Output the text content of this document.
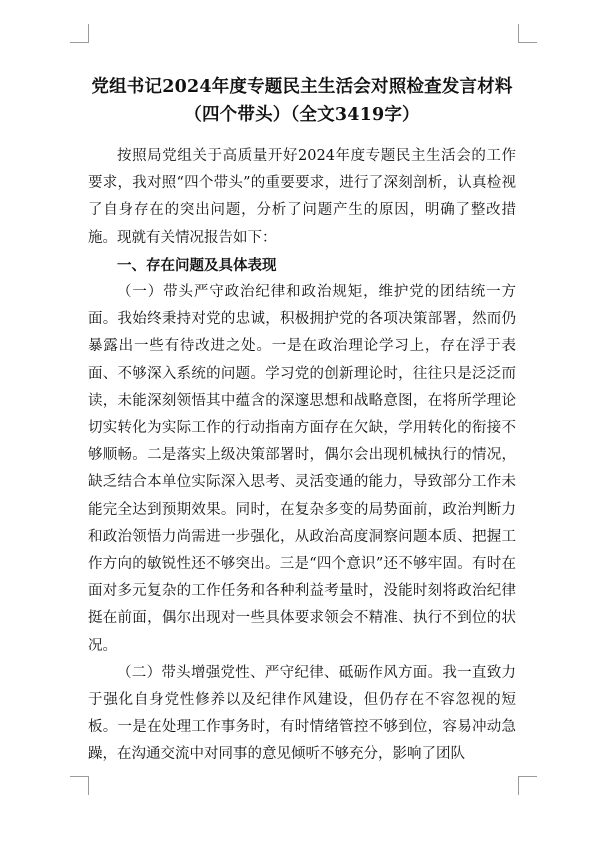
党组书记2024年度专题民主生活会对照检查发言材料（四个带头）（全文3419字）

按照局党组关于高质量开好2024年度专题民主生活会的工作要求，我对照“四个带头”的重要要求，进行了深刻剖析，认真检视了自身存在的突出问题，分析了问题产生的原因，明确了整改措施。现就有关情况报告如下：

一、存在问题及具体表现

（一）带头严守政治纪律和政治规矩，维护党的团结统一方面。我始终秉持对党的忠诚，积极拥护党的各项决策部署，然而仍暴露出一些有待改进之处。一是在政治理论学习上，存在浮于表面、不够深入系统的问题。学习党的创新理论时，往往只是泛泛而读，未能深刻领悟其中蕴含的深邃思想和战略意图，在将所学理论切实转化为实际工作的行动指南方面存在欠缺，学用转化的衔接不够顺畅。二是落实上级决策部署时，偶尔会出现机械执行的情况，缺乏结合本单位实际深入思考、灵活变通的能力，导致部分工作未能完全达到预期效果。同时，在复杂多变的局势面前，政治判断力和政治领悟力尚需进一步强化，从政治高度洞察问题本质、把握工作方向的敏锐性还不够突出。三是“四个意识”还不够牢固。有时在面对多元复杂的工作任务和各种利益考量时，没能时刻将政治纪律挺在前面，偶尔出现对一些具体要求领会不精准、执行不到位的状况。

（二）带头增强党性、严守纪律、砥砺作风方面。我一直致力于强化自身党性修养以及纪律作风建设，但仍存在不容忽视的短板。一是在处理工作事务时，有时情绪管控不够到位，容易冲动急躁，在沟通交流中对同事的意见倾听不够充分，影响了团队
